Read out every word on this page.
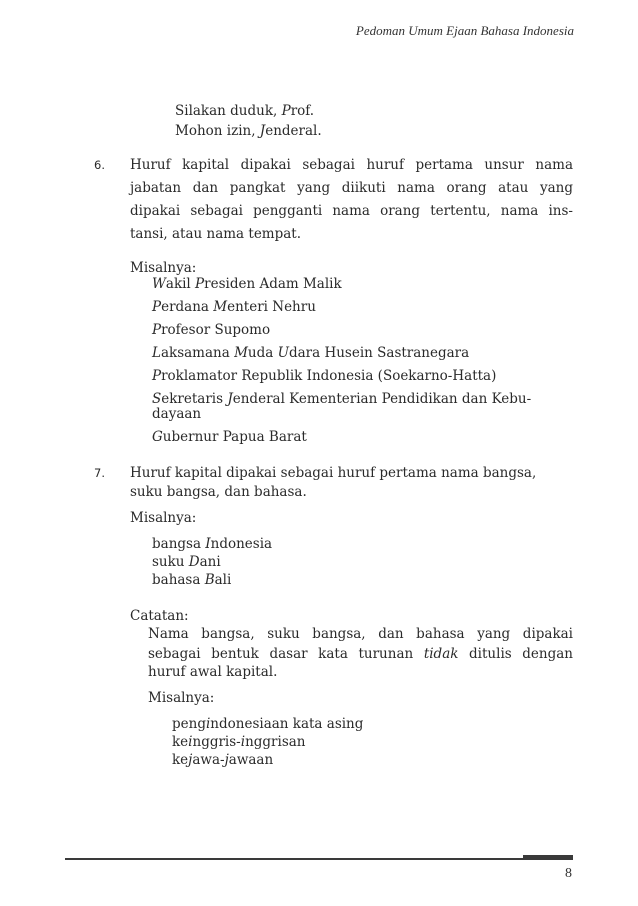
Pedoman Umum Ejaan Bahasa Indonesia
Silakan duduk, Prof.
Mohon izin, Jenderal.
6. Huruf kapital dipakai sebagai huruf pertama unsur nama
jabatan dan pangkat yang diikuti nama orang atau yang
dipakai sebagai pengganti nama orang tertentu, nama ins-
tansi, atau nama tempat.
Misalnya:
Wakil Presiden Adam Malik
Perdana Menteri Nehru
Profesor Supomo
Laksamana Muda Udara Husein Sastranegara
Proklamator Republik Indonesia (Soekarno-Hatta)
Sekretaris Jenderal Kementerian Pendidikan dan Kebu-
dayaan
Gubernur Papua Barat
7. Huruf kapital dipakai sebagai huruf pertama nama bangsa,
suku bangsa, dan bahasa.
Misalnya:
bangsa Indonesia
suku Dani
bahasa Bali
Catatan:
Nama bangsa, suku bangsa, dan bahasa yang dipakai
sebagai bentuk dasar kata turunan tidak ditulis dengan
huruf awal kapital.
Misalnya:
pengindonesiaan kata asing
keinggris-inggrisan
kejawa-jawaan
8
